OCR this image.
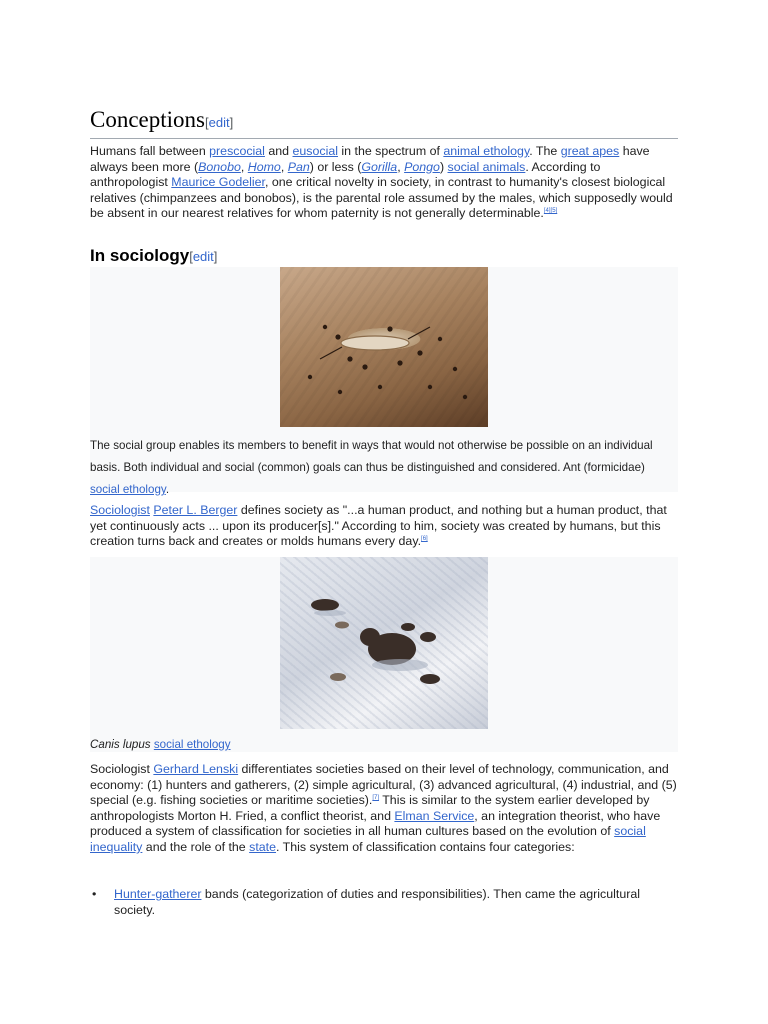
Conceptions[edit]

Humans fall between prescocial and eusocial in the spectrum of animal ethology. The great apes have always been more (Bonobo, Homo, Pan) or less (Gorilla, Pongo) social animals. According to anthropologist Maurice Godelier, one critical novelty in society, in contrast to humanity's closest biological relatives (chimpanzees and bonobos), is the parental role assumed by the males, which supposedly would be absent in our nearest relatives for whom paternity is not generally determinable.[4][5]

In sociology[edit]
The social group enables its members to benefit in ways that would not otherwise be possible on an individual basis. Both individual and social (common) goals can thus be distinguished and considered. Ant (formicidae) social ethology.

Sociologist Peter L. Berger defines society as "...a human product, and nothing but a human product, that yet continuously acts ... upon its producer[s]." According to him, society was created by humans, but this creation turns back and creates or molds humans every day.[6]

Canis lupus social ethology

Sociologist Gerhard Lenski differentiates societies based on their level of technology, communication, and economy: (1) hunters and gatherers, (2) simple agricultural, (3) advanced agricultural, (4) industrial, and (5) special (e.g. fishing societies or maritime societies).[7] This is similar to the system earlier developed by anthropologists Morton H. Fried, a conflict theorist, and Elman Service, an integration theorist, who have produced a system of classification for societies in all human cultures based on the evolution of social inequality and the role of the state. This system of classification contains four categories:

• Hunter-gatherer bands (categorization of duties and responsibilities). Then came the agricultural society.
